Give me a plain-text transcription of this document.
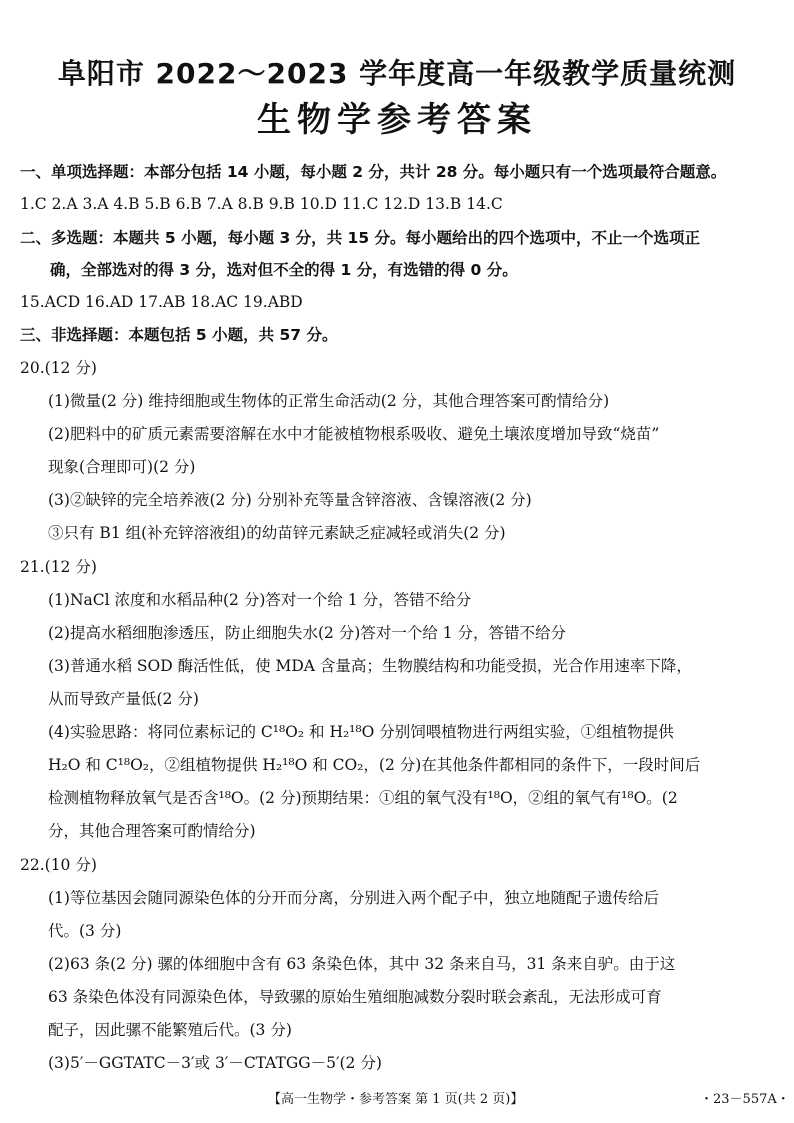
阜阳市 2022～2023 学年度高一年级教学质量统测
生物学参考答案
一、单项选择题：本部分包括 14 小题，每小题 2 分，共计 28 分。每小题只有一个选项最符合题意。
1.C 2.A 3.A 4.B 5.B 6.B 7.A 8.B 9.B 10.D 11.C 12.D 13.B 14.C
二、多选题：本题共 5 小题，每小题 3 分，共 15 分。每小题给出的四个选项中，不止一个选项正
确，全部选对的得 3 分，选对但不全的得 1 分，有选错的得 0 分。
15.ACD 16.AD 17.AB 18.AC 19.ABD
三、非选择题：本题包括 5 小题，共 57 分。
20.(12 分)
(1)微量(2 分) 维持细胞或生物体的正常生命活动(2 分，其他合理答案可酌情给分)
(2)肥料中的矿质元素需要溶解在水中才能被植物根系吸收、避免土壤浓度增加导致“烧苗”
现象(合理即可)(2 分)
(3)②缺锌的完全培养液(2 分) 分别补充等量含锌溶液、含镍溶液(2 分)
③只有 B1 组(补充锌溶液组)的幼苗锌元素缺乏症减轻或消失(2 分)
21.(12 分)
(1)NaCl 浓度和水稻品种(2 分)答对一个给 1 分，答错不给分
(2)提高水稻细胞渗透压，防止细胞失水(2 分)答对一个给 1 分，答错不给分
(3)普通水稻 SOD 酶活性低，使 MDA 含量高；生物膜结构和功能受损，光合作用速率下降，
从而导致产量低(2 分)
(4)实验思路：将同位素标记的 C¹⁸O₂ 和 H₂¹⁸O 分别饲喂植物进行两组实验，①组植物提供
H₂O 和 C¹⁸O₂，②组植物提供 H₂¹⁸O 和 CO₂，(2 分)在其他条件都相同的条件下，一段时间后
检测植物释放氧气是否含¹⁸O。(2 分)预期结果：①组的氧气没有¹⁸O，②组的氧气有¹⁸O。(2
分，其他合理答案可酌情给分)
22.(10 分)
(1)等位基因会随同源染色体的分开而分离，分别进入两个配子中，独立地随配子遗传给后
代。(3 分)
(2)63 条(2 分) 骡的体细胞中含有 63 条染色体，其中 32 条来自马，31 条来自驴。由于这
63 条染色体没有同源染色体，导致骡的原始生殖细胞减数分裂时联会紊乱，无法形成可育
配子，因此骡不能繁殖后代。(3 分)
(3)5′－GGTATC－3′或 3′－CTATGG－5′(2 分)
【高一生物学・参考答案 第 1 页(共 2 页)】	・23－557A・
